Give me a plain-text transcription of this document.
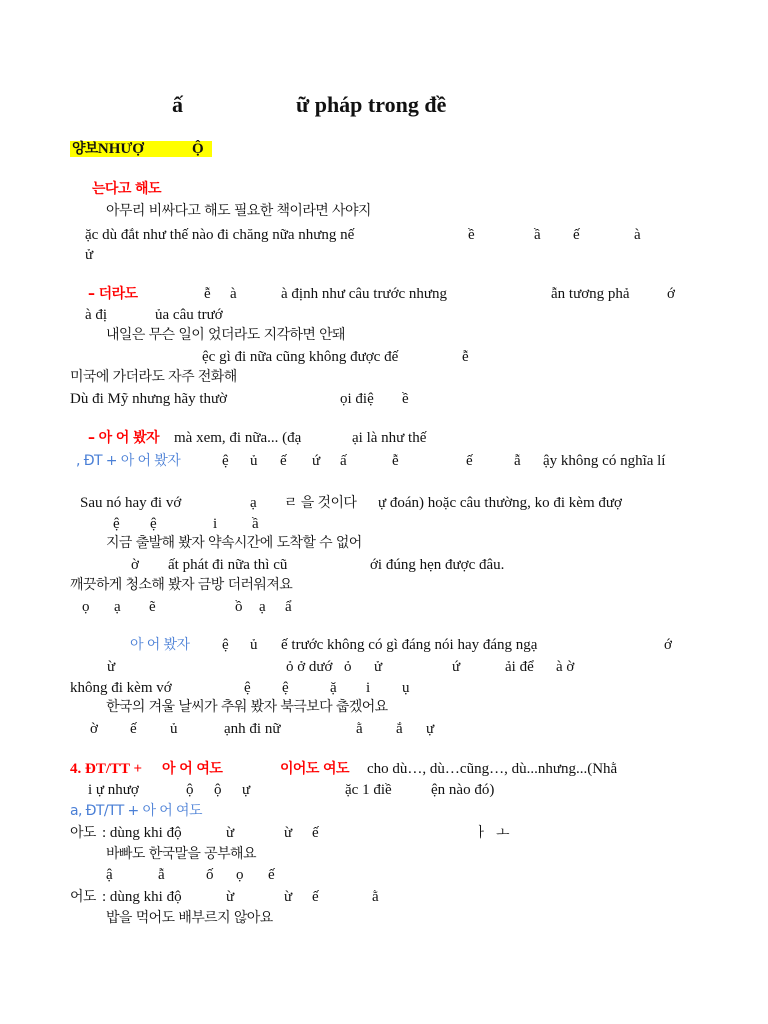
ấ	ữ pháp trong đề
양보NHƯỢ	Ộ
는다고 해도
아무리 비싸다고 해도 필요한 책이라면 사야지
ặc dù đắt như thế nào đi chăng nữa nhưng nế	ề	ầ ế	à
ử
– 더라도	ễ à	à định như câu trước nhưng	ẫn tương phả ớ
à đị	ủa câu trướ
내일은 무슨 일이 었더라도 지각하면 안돼
ệc gì đi nữa cũng không được đế	ễ
미국에 가더라도 자주 전화해
Dù đi Mỹ nhưng hãy thườ	ọi điệ ề
– 아 어 봤자 mà xem, đi nữa... (đạ	ại là như thế
, ĐT + 아 어 봤자	ệ ủ ế ứ ấ	ễ	ế	ẫ ậy không có nghĩa lí
Sau nó hay đi vớ	ạ ㄹ 을 것이다 ự đoán) hoặc câu thường, ko đi kèm đượ
ệ ệ	i ầ
지금 출발해 봤자 약속시간에 도착할 수 없어
ờ ất phát đi nữa thì cũ	ới đúng hẹn được đâu.
깨끗하게 청소해 봤자 금방 더러워져요
ọ ạ ẽ	ồ ạ ẩ
아 어 봤자 ệ ủ ế trước không có gì đáng nói hay đáng ngạ	ớ
ừ	ỏ ở dướ ỏ ử	ứ	ải để à ờ
không đi kèm vớ	ệ ệ	ặ i ụ
한국의 겨울 날씨가 추워 봤자 북극보다 춥겠어요
ờ ế ủ	ạnh đi nữ	ằ ắ ự
4. ĐT/TT + 아 어 여도	이어도 여도 cho dù…, dù…cũng…, dù...nhưng...(Nhằ
i ự nhượ	ộ ộ ự	ặc 1 điề	ện nào đó)
a, ĐT/TT + 아 어 여도
아도 : dùng khi độ	ừ	ừ ế	ㅏ ㅗ
바빠도 한국말을 공부해요
ậ	ẫ	ố ọ ế
어도 : dùng khi độ	ừ	ừ ế	ằ
밥을 먹어도 배부르지 않아요
